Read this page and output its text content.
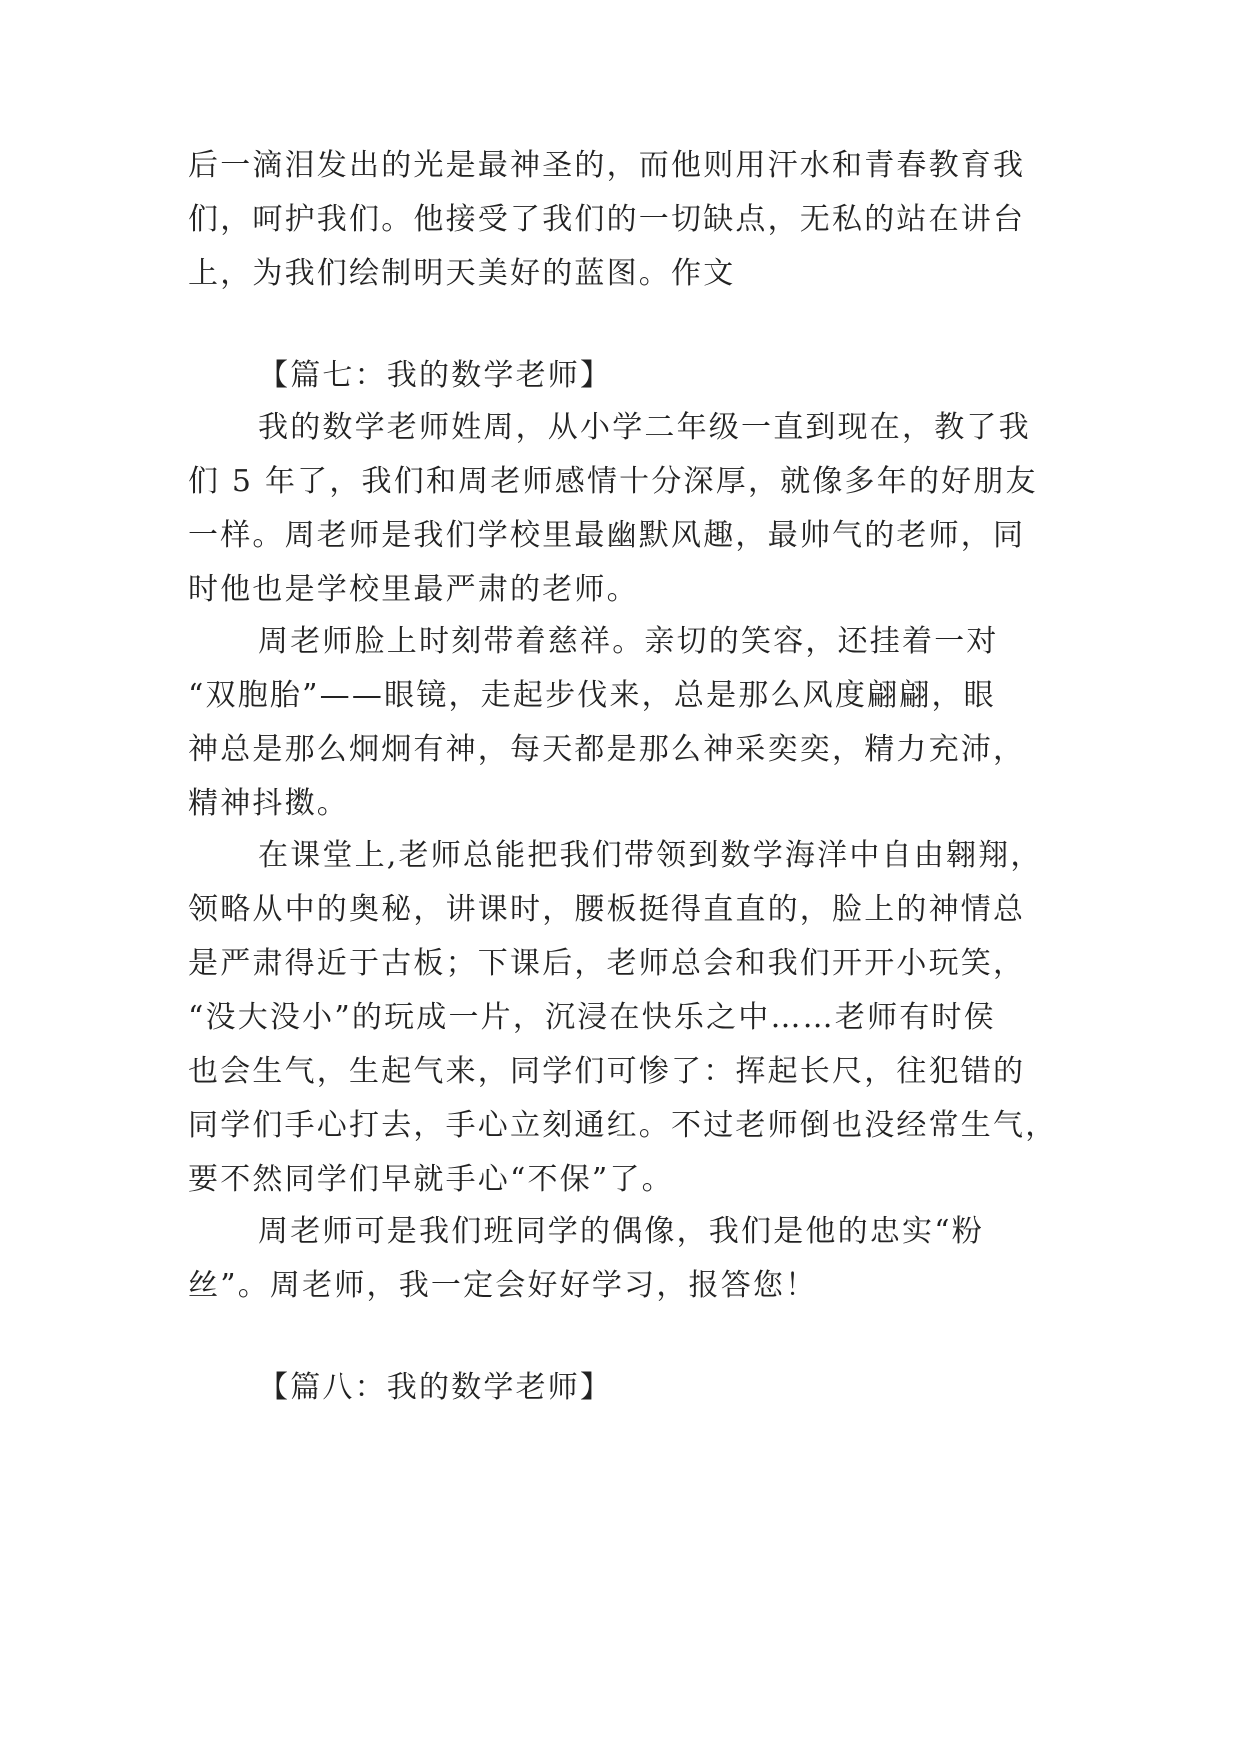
后一滴泪发出的光是最神圣的，而他则用汗水和青春教育我
们，呵护我们。他接受了我们的一切缺点，无私的站在讲台
上，为我们绘制明天美好的蓝图。作文
【篇七：我的数学老师】
我的数学老师姓周，从小学二年级一直到现在，教了我
们 5 年了，我们和周老师感情十分深厚，就像多年的好朋友
一样。周老师是我们学校里最幽默风趣，最帅气的老师，同
时他也是学校里最严肃的老师。
周老师脸上时刻带着慈祥。亲切的笑容，还挂着一对
“双胞胎”——眼镜，走起步伐来，总是那么风度翩翩，眼
神总是那么炯炯有神，每天都是那么神采奕奕，精力充沛，
精神抖擞。
在课堂上,老师总能把我们带领到数学海洋中自由翱翔，
领略从中的奥秘，讲课时，腰板挺得直直的，脸上的神情总
是严肃得近于古板；下课后，老师总会和我们开开小玩笑，
“没大没小”的玩成一片，沉浸在快乐之中……老师有时侯
也会生气，生起气来，同学们可惨了：挥起长尺，往犯错的
同学们手心打去，手心立刻通红。不过老师倒也没经常生气，
要不然同学们早就手心“不保”了。
周老师可是我们班同学的偶像，我们是他的忠实“粉
丝”。周老师，我一定会好好学习，报答您！
【篇八：我的数学老师】
